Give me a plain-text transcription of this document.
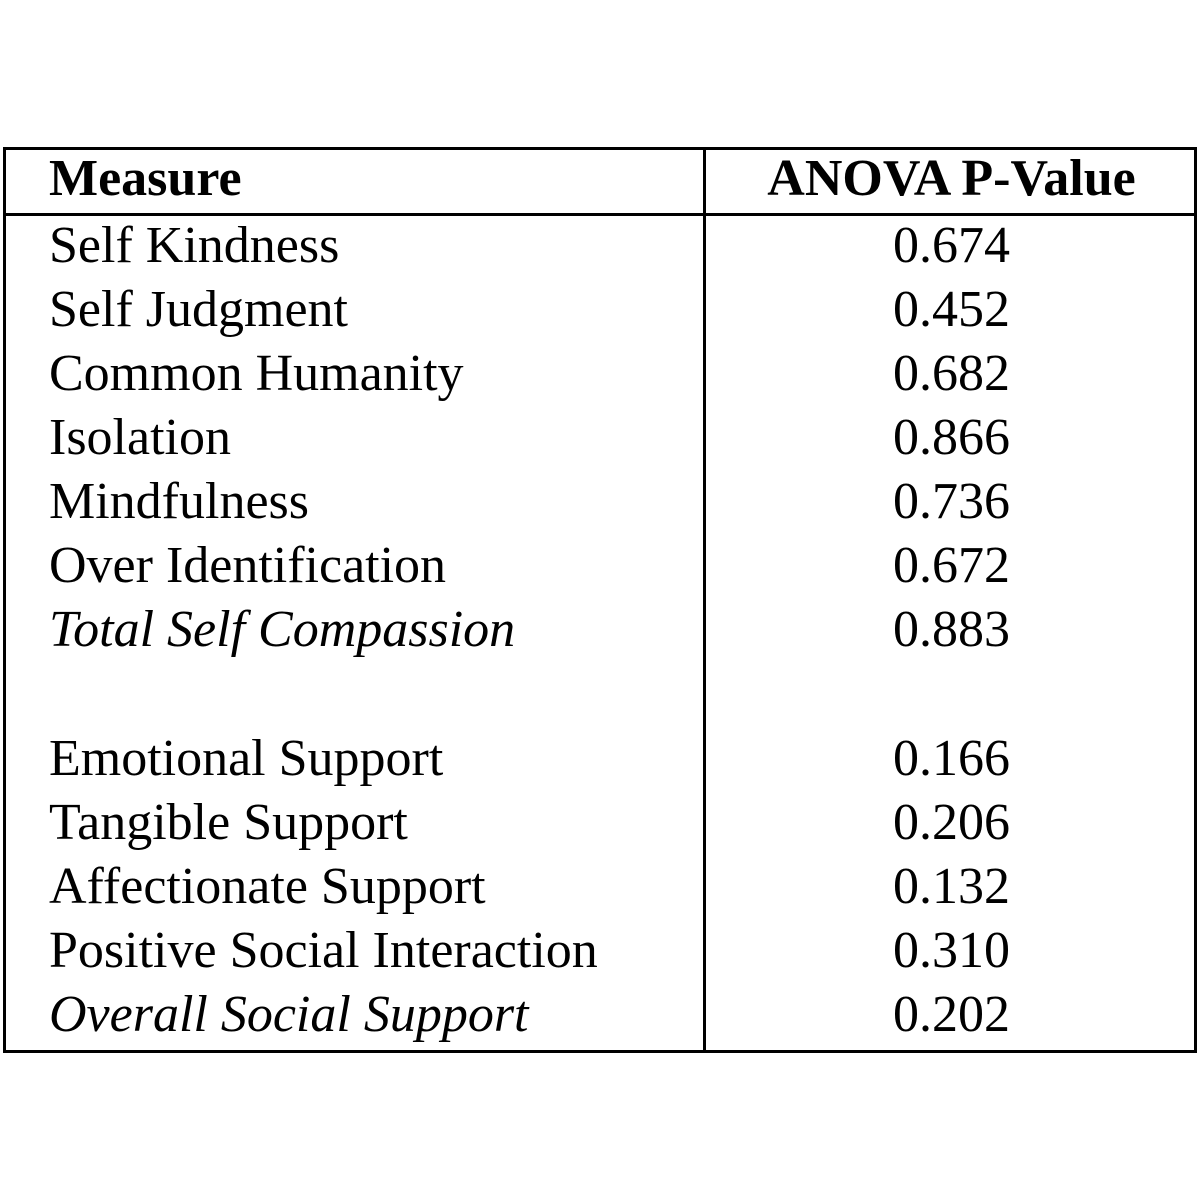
Measure	ANOVA P-Value
Self Kindness	0.674
Self Judgment	0.452
Common Humanity	0.682
Isolation	0.866
Mindfulness	0.736
Over Identification	0.672
Total Self Compassion	0.883
Emotional Support	0.166
Tangible Support	0.206
Affectionate Support	0.132
Positive Social Interaction	0.310
Overall Social Support	0.202
